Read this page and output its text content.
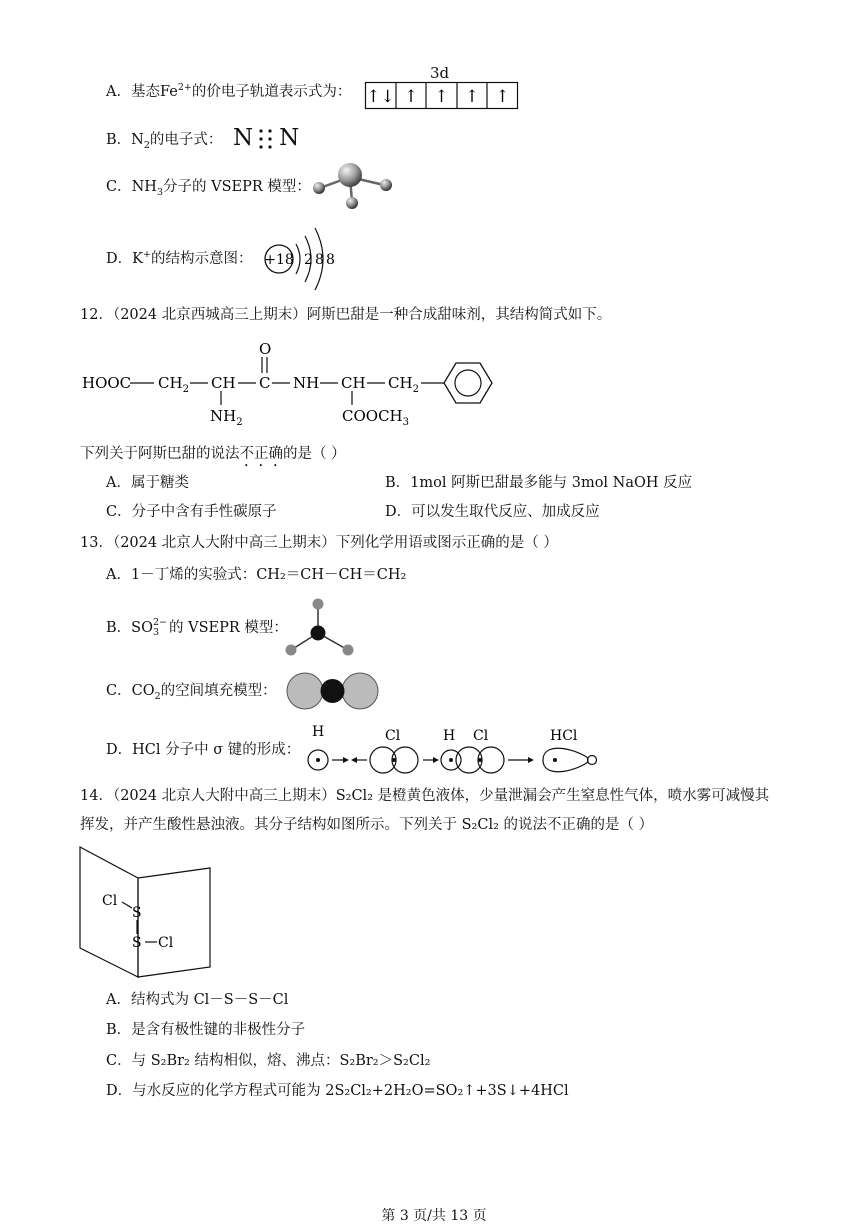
A．基态$Fe^{2+}$的价电子轨道表示式为：
3d
↑↓ ↑ ↑ ↑ ↑
B．$N_2$的电子式： N N
C．$NH_3$分子的 VSEPR 模型：
D．K+的结构示意图： +18 2 8 8
12．（2024 北京西城高三上期末）阿斯巴甜是一种合成甜味剂，其结构简式如下。
HOOC $CH_2$ CH
$NH_2$
C
O
NH CH
$COOCH_3$
$CH_2$
下列关于阿斯巴甜的说法不正确的是（ ）
A．属于糖类	B．1mol 阿斯巴甜最多能与 3mol NaOH 反应
C．分子中含有手性碳原子	D．可以发生取代反应、加成反应
13．（2024 北京人大附中高三上期末）下列化学用语或图示正确的是（ ）
A．1－丁烯的实验式：CH₂＝CH－CH＝CH₂
B．SO 2−
3 的 VSEPR 模型：
C．$CO_2$的空间填充模型：
D．HCl 分子中 σ 键的形成：
H	Cl	H Cl	HCl
14．（2024 北京人大附中高三上期末）S₂Cl₂ 是橙黄色液体，少量泄漏会产生窒息性气体，喷水雾可减慢其
挥发，并产生酸性悬浊液。其分子结构如图所示。下列关于 S₂Cl₂ 的说法不正确的是（ ）
Cl
S
S Cl
A．结构式为 Cl－S－S－Cl
B．是含有极性键的非极性分子
C．与 S₂Br₂ 结构相似，熔、沸点：S₂Br₂＞S₂Cl₂
D．与水反应的化学方程式可能为 2S₂Cl₂+2H₂O=SO₂↑+3S↓+4HCl
第 3 页/共 13 页
